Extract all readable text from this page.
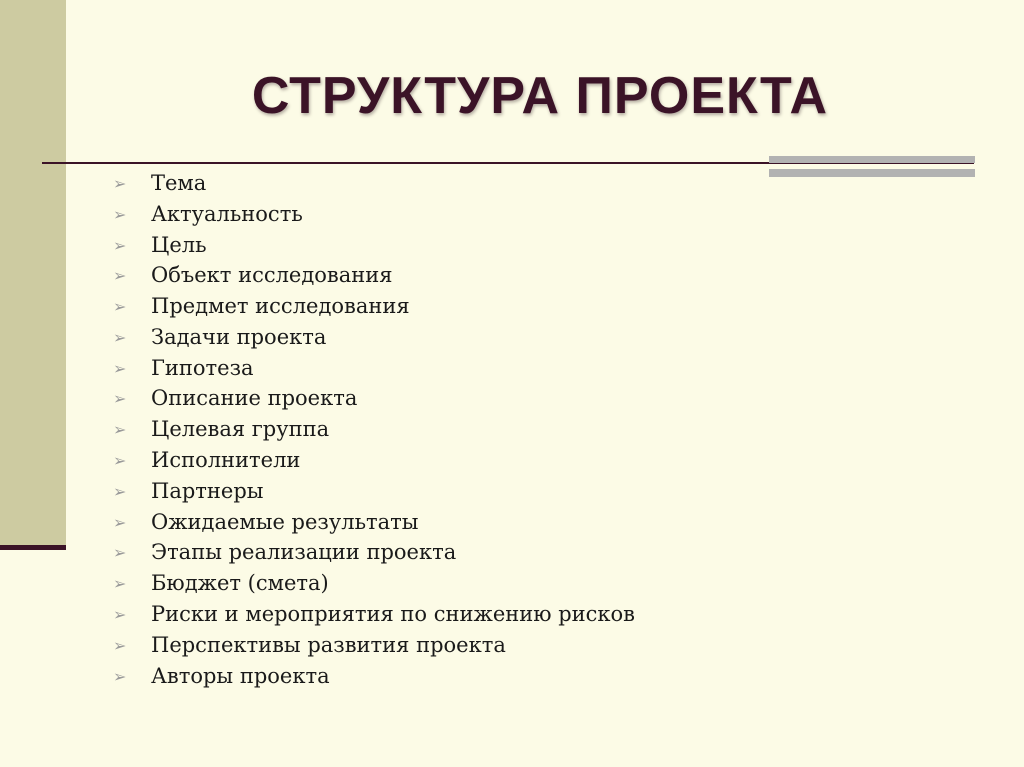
СТРУКТУРА ПРОЕКТА
➢	Тема
➢	Актуальность
➢	Цель
➢	Объект исследования
➢	Предмет исследования
➢	Задачи проекта
➢	Гипотеза
➢	Описание проекта
➢	Целевая группа
➢	Исполнители
➢	Партнеры
➢	Ожидаемые результаты
➢	Этапы реализации проекта
➢	Бюджет (смета)
➢	Риски и мероприятия по снижению рисков
➢	Перспективы развития проекта
➢	Авторы проекта
